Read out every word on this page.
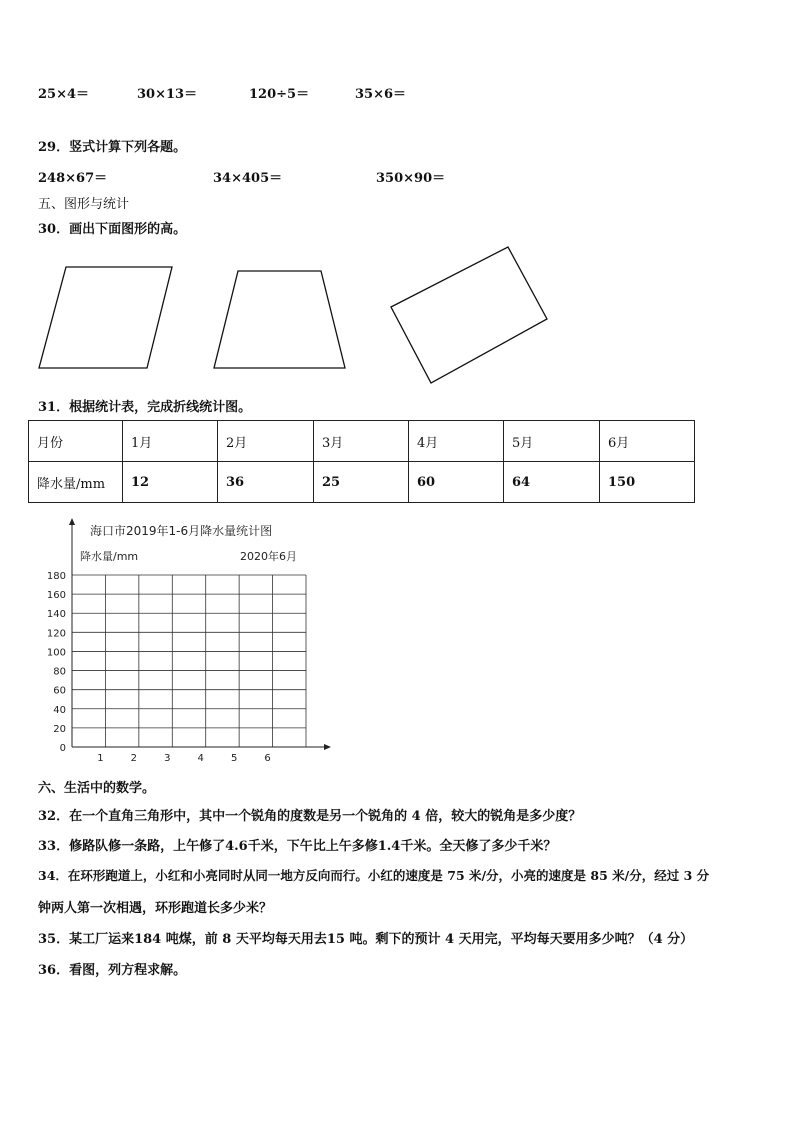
25×4＝	30×13＝	120÷5＝	35×6＝
29．竖式计算下列各题。
248×67＝	34×405＝	350×90＝
五、图形与统计
30．画出下面图形的高。
31．根据统计表，完成折线统计图。
月份	1月	2月	3月	4月	5月	6月
降水量/mm	12	36	25	60	64	150
海口市2019年1-6月降水量统计图
降水量/mm	2020年6月
0
20
40
60
80
100
120
140
160
180
1	2	3	4	5	6
六、生活中的数学。
32．在一个直角三角形中，其中一个锐角的度数是另一个锐角的 4 倍，较大的锐角是多少度？
33．修路队修一条路，上午修了4.6千米，下午比上午多修1.4千米。全天修了多少千米？
34．在环形跑道上，小红和小亮同时从同一地方反向而行。小红的速度是 75 米/分，小亮的速度是 85 米/分，经过 3 分
钟两人第一次相遇，环形跑道长多少米？
35．某工厂运来184 吨煤，前 8 天平均每天用去15 吨。剩下的预计 4 天用完，平均每天要用多少吨？（4 分）
36．看图，列方程求解。
